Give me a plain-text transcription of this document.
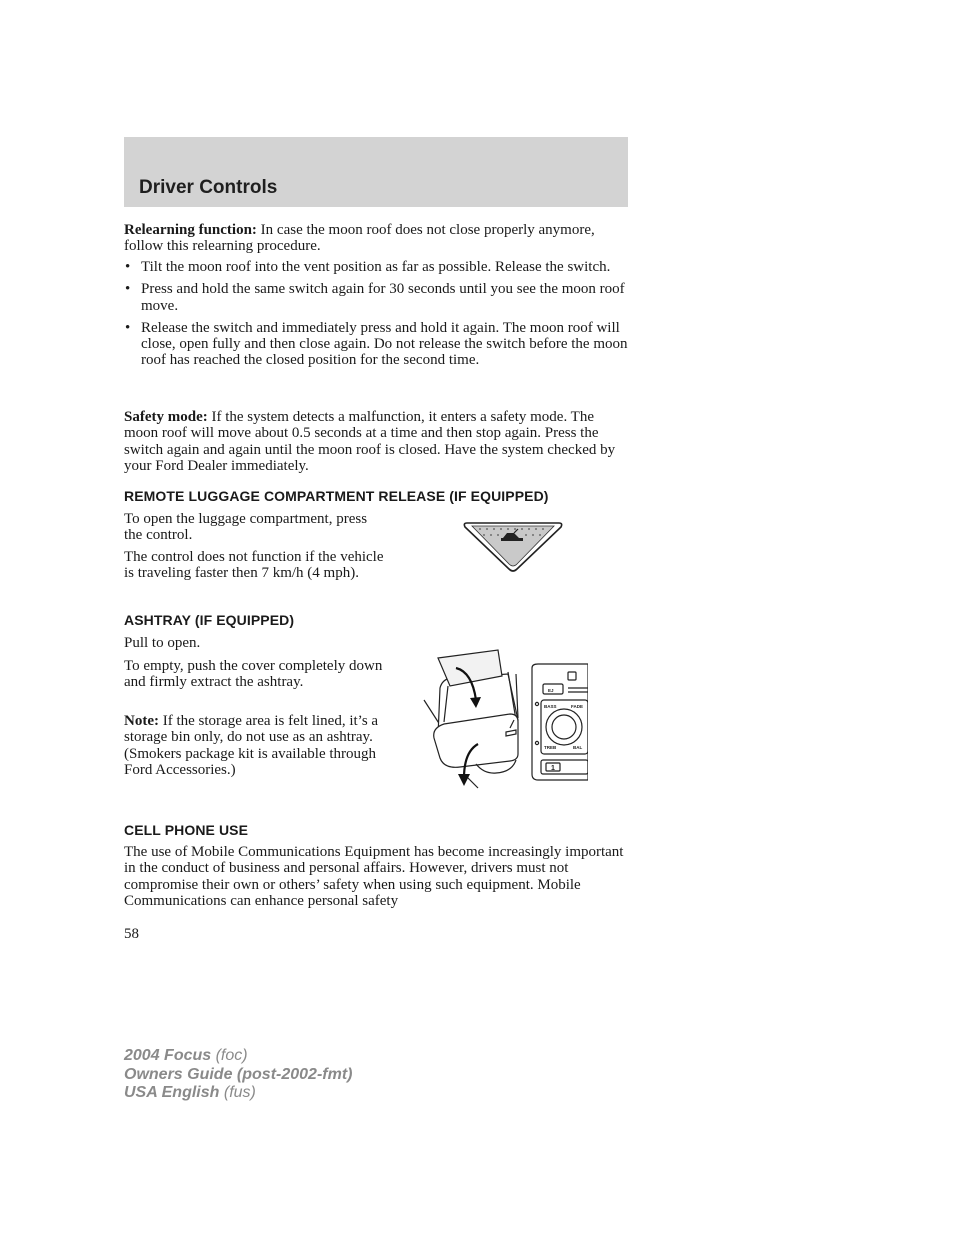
Driver Controls
Relearning function: In case the moon roof does not close properly anymore, follow this relearning procedure.
• Tilt the moon roof into the vent position as far as possible. Release the switch.
• Press and hold the same switch again for 30 seconds until you see the moon roof move.
• Release the switch and immediately press and hold it again. The moon roof will close, open fully and then close again. Do not release the switch before the moon roof has reached the closed position for the second time.
Safety mode: If the system detects a malfunction, it enters a safety mode. The moon roof will move about 0.5 seconds at a time and then stop again. Press the switch again and again until the moon roof is closed. Have the system checked by your Ford Dealer immediately.
REMOTE LUGGAGE COMPARTMENT RELEASE (IF EQUIPPED)
To open the luggage compartment, press the control.
The control does not function if the vehicle is traveling faster then 7 km/h (4 mph).
ASHTRAY (IF EQUIPPED)
Pull to open.
To empty, push the cover completely down and firmly extract the ashtray.
Note: If the storage area is felt lined, it’s a storage bin only, do not use as an ashtray. (Smokers package kit is available through Ford Accessories.)
EJ
BASS	FADE
TREB	BAL
1
CELL PHONE USE
The use of Mobile Communications Equipment has become increasingly important in the conduct of business and personal affairs. However, drivers must not compromise their own or others’ safety when using such equipment. Mobile Communications can enhance personal safety
58
2004 Focus (foc)
Owners Guide (post-2002-fmt)
USA English (fus)
